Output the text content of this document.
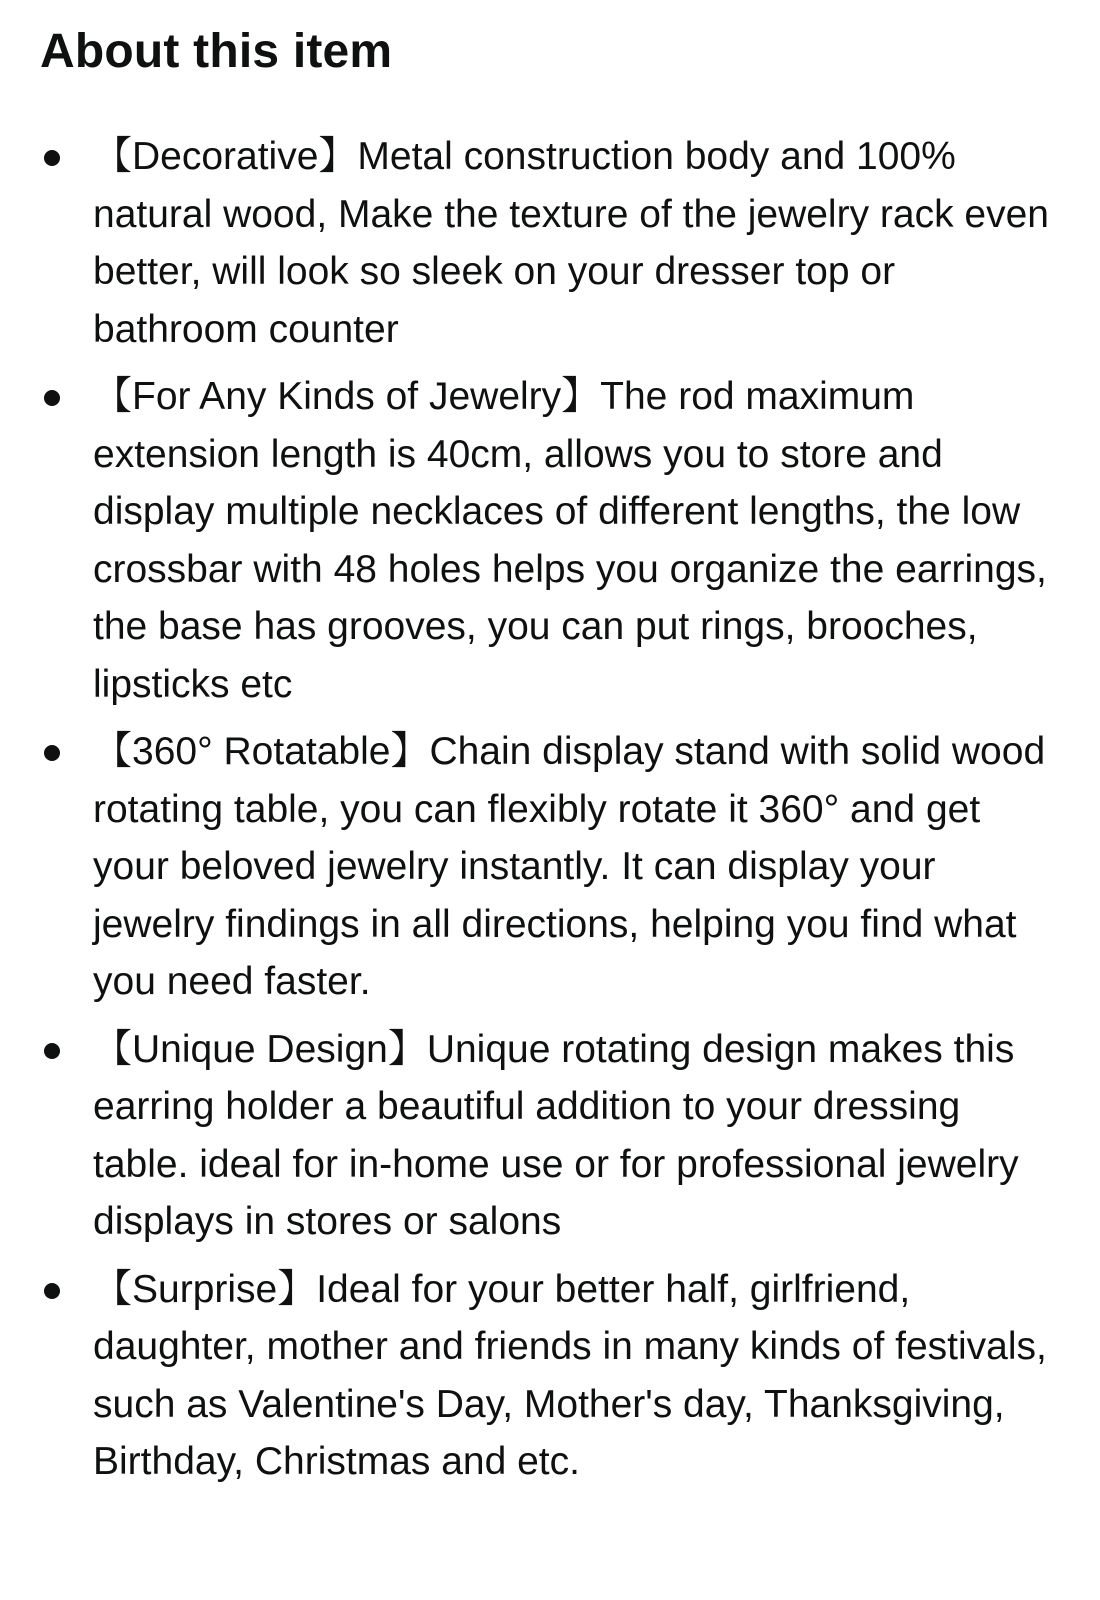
About this item
【Decorative】Metal construction body and 100% natural wood, Make the texture of the jewelry rack even better, will look so sleek on your dresser top or bathroom counter
【For Any Kinds of Jewelry】The rod maximum extension length is 40cm, allows you to store and display multiple necklaces of different lengths, the low crossbar with 48 holes helps you organize the earrings, the base has grooves, you can put rings, brooches, lipsticks etc
【360° Rotatable】Chain display stand with solid wood rotating table, you can flexibly rotate it 360° and get your beloved jewelry instantly. It can display your jewelry findings in all directions, helping you find what you need faster.
【Unique Design】Unique rotating design makes this earring holder a beautiful addition to your dressing table. ideal for in-home use or for professional jewelry displays in stores or salons
【Surprise】Ideal for your better half, girlfriend, daughter, mother and friends in many kinds of festivals, such as Valentine's Day, Mother's day, Thanksgiving, Birthday, Christmas and etc.
